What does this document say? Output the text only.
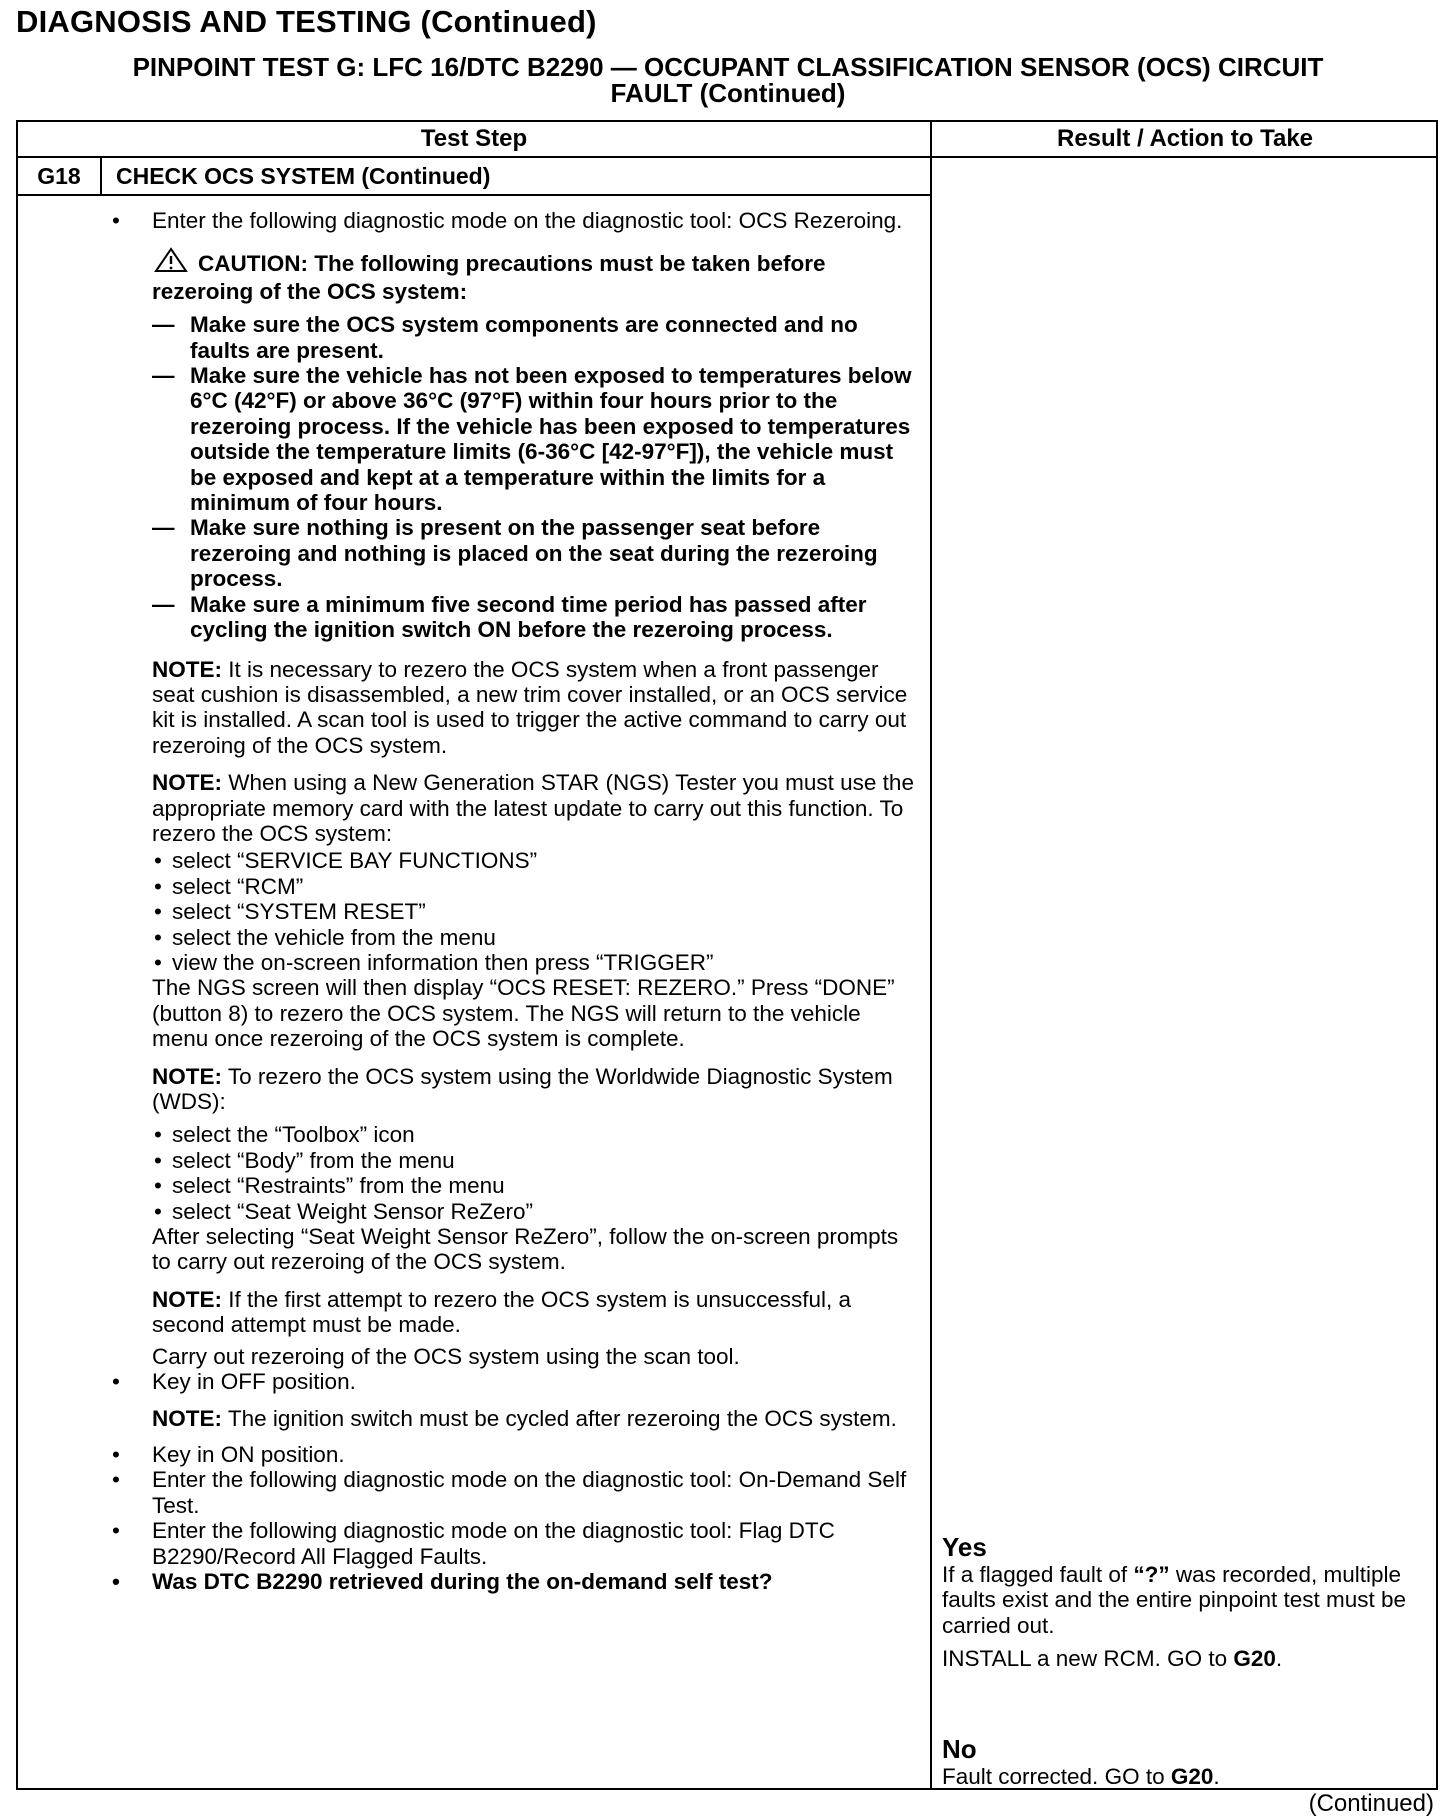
DIAGNOSIS AND TESTING (Continued)
PINPOINT TEST G: LFC 16/DTC B2290 — OCCUPANT CLASSIFICATION SENSOR (OCS) CIRCUIT
FAULT (Continued)
Test Step	Result / Action to Take
G18	CHECK OCS SYSTEM (Continued)
• Enter the following diagnostic mode on the diagnostic tool: OCS Rezeroing.
CAUTION: The following precautions must be taken before rezeroing of the OCS system:
— Make sure the OCS system components are connected and no faults are present.
— Make sure the vehicle has not been exposed to temperatures below 6°C (42°F) or above 36°C (97°F) within four hours prior to the rezeroing process. If the vehicle has been exposed to temperatures outside the temperature limits (6-36°C [42-97°F]), the vehicle must be exposed and kept at a temperature within the limits for a minimum of four hours.
— Make sure nothing is present on the passenger seat before rezeroing and nothing is placed on the seat during the rezeroing process.
— Make sure a minimum five second time period has passed after cycling the ignition switch ON before the rezeroing process.
NOTE: It is necessary to rezero the OCS system when a front passenger seat cushion is disassembled, a new trim cover installed, or an OCS service kit is installed. A scan tool is used to trigger the active command to carry out rezeroing of the OCS system.
NOTE: When using a New Generation STAR (NGS) Tester you must use the appropriate memory card with the latest update to carry out this function. To rezero the OCS system:
• select “SERVICE BAY FUNCTIONS”
• select “RCM”
• select “SYSTEM RESET”
• select the vehicle from the menu
• view the on-screen information then press “TRIGGER”
The NGS screen will then display “OCS RESET: REZERO.” Press “DONE” (button 8) to rezero the OCS system. The NGS will return to the vehicle menu once rezeroing of the OCS system is complete.
NOTE: To rezero the OCS system using the Worldwide Diagnostic System (WDS):
• select the “Toolbox” icon
• select “Body” from the menu
• select “Restraints” from the menu
• select “Seat Weight Sensor ReZero”
After selecting “Seat Weight Sensor ReZero”, follow the on-screen prompts to carry out rezeroing of the OCS system.
NOTE: If the first attempt to rezero the OCS system is unsuccessful, a second attempt must be made.
Carry out rezeroing of the OCS system using the scan tool.
• Key in OFF position.
NOTE: The ignition switch must be cycled after rezeroing the OCS system.
• Key in ON position.
• Enter the following diagnostic mode on the diagnostic tool: On-Demand Self Test.
• Enter the following diagnostic mode on the diagnostic tool: Flag DTC B2290/Record All Flagged Faults.
• Was DTC B2290 retrieved during the on-demand self test?
Yes
If a flagged fault of “?” was recorded, multiple faults exist and the entire pinpoint test must be carried out.
INSTALL a new RCM. GO to G20.
No
Fault corrected. GO to G20.
(Continued)
